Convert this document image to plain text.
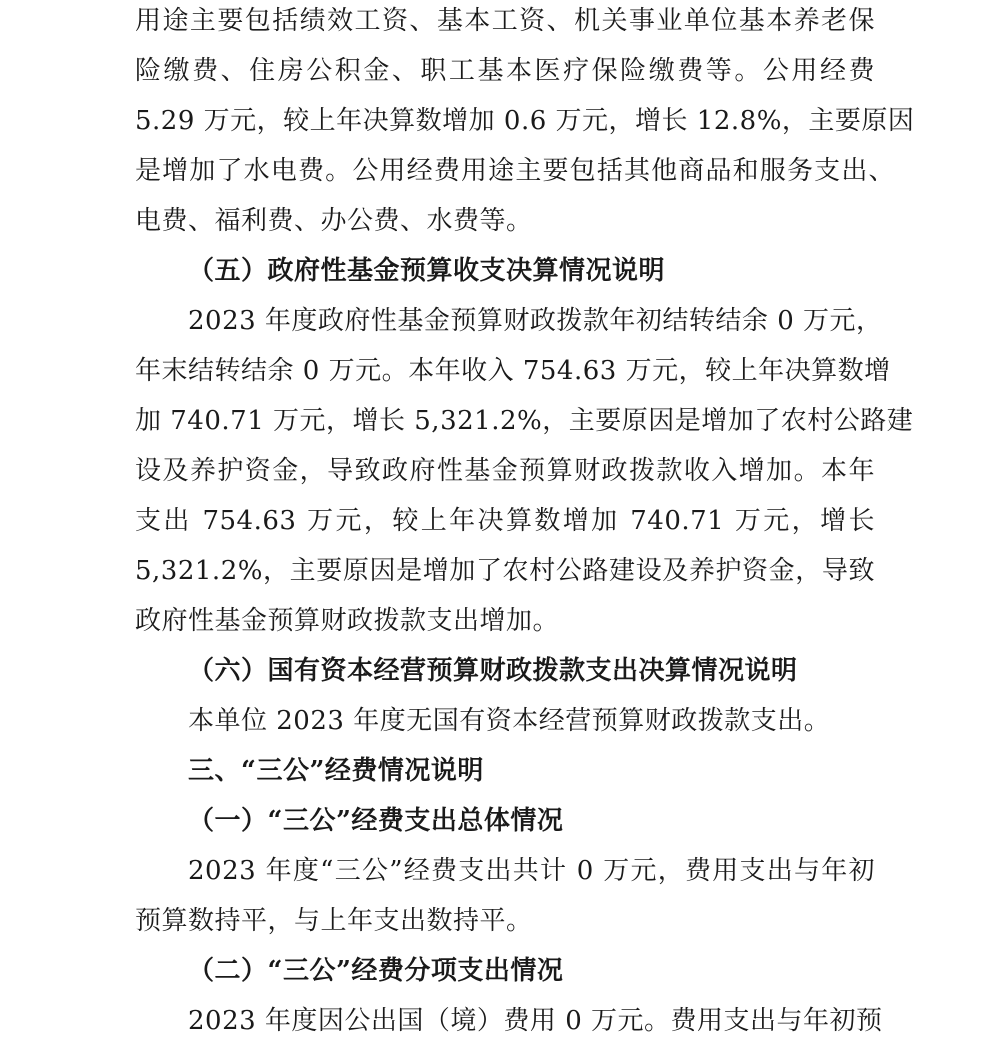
用途主要包括绩效工资、基本工资、机关事业单位基本养老保
险缴费、住房公积金、职工基本医疗保险缴费等。公用经费
5.29 万元，较上年决算数增加 0.6 万元，增长 12.8%，主要原因
是增加了水电费。公用经费用途主要包括其他商品和服务支出、
电费、福利费、办公费、水费等。
（五）政府性基金预算收支决算情况说明
2023 年度政府性基金预算财政拨款年初结转结余 0 万元，
年末结转结余 0 万元。本年收入 754.63 万元，较上年决算数增
加 740.71 万元，增长 5,321.2%，主要原因是增加了农村公路建
设及养护资金，导致政府性基金预算财政拨款收入增加。本年
支出 754.63 万元，较上年决算数增加 740.71 万元，增长
5,321.2%，主要原因是增加了农村公路建设及养护资金，导致
政府性基金预算财政拨款支出增加。
（六）国有资本经营预算财政拨款支出决算情况说明
本单位 2023 年度无国有资本经营预算财政拨款支出。
三、“三公”经费情况说明
（一）“三公”经费支出总体情况
2023 年度“三公”经费支出共计 0 万元，费用支出与年初
预算数持平，与上年支出数持平。
（二）“三公”经费分项支出情况
2023 年度因公出国（境）费用 0 万元。费用支出与年初预
